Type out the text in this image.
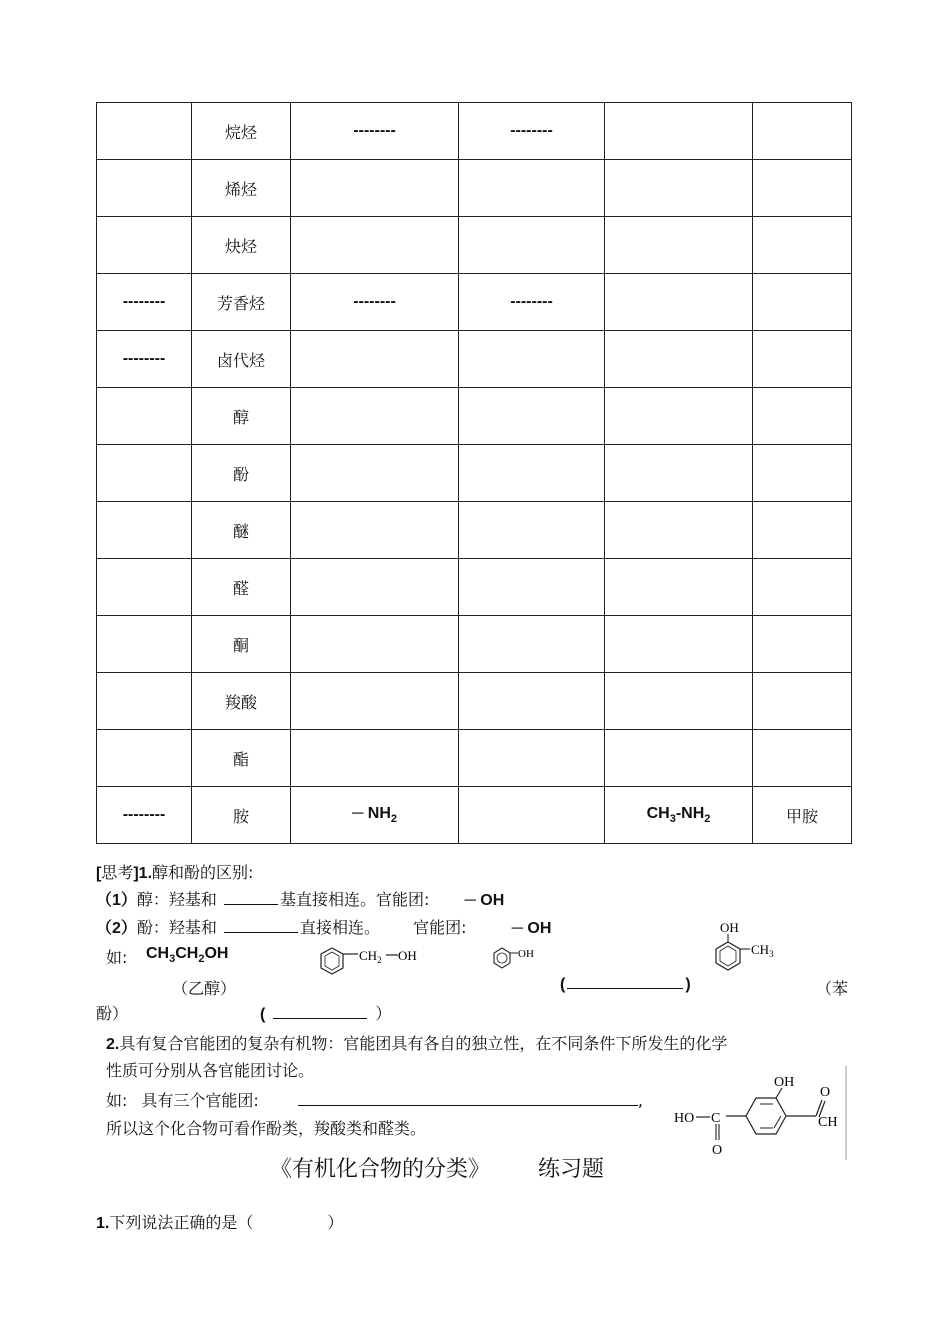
	烷烃	--------	--------		
	烯烃				
	炔烃				
--------	芳香烃	--------	--------		
--------	卤代烃				
	醇				
	酚				
	醚				
	醛				
	酮				
	羧酸				
	酯				
--------	胺	─ $NH_2$		$CH_3-NH_2$	甲胺
[思考]1.醇和酚的区别:
（1）醇：羟基和	基直接相连。官能团: ─ OH
（2）酚：羟基和	直接相连。 官能团:	─ OH
如: $CH_3CH_2OH$
（乙醇）
$CH_2$ OH	OH
OH
$CH_3$
(	)	（苯
酚）	(	）
2.具有复合官能团的复杂有机物：官能团具有各自的独立性，在不同条件下所发生的化学
性质可分别从各官能团讨论。
如: 具有三个官能团:	,
所以这个化合物可看作酚类，羧酸类和醛类。
OH
HO C
O
O
CH
《有机化合物的分类》 练习题
1.下列说法正确的是（	）
